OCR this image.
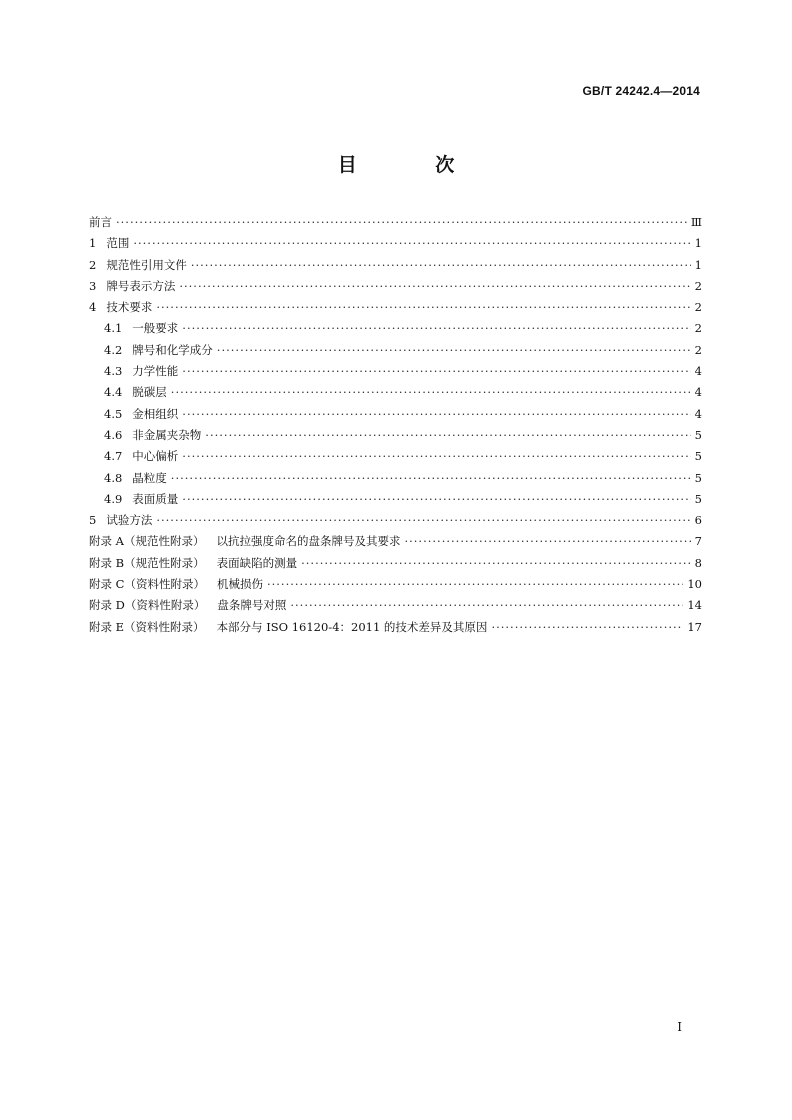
GB/T 24242.4—2014
目 次
前言 ·····	Ⅲ
1 范围 ·····	1
2 规范性引用文件 ·····	1
3 牌号表示方法 ·····	2
4 技术要求 ·····	2
4.1 一般要求 ·····	2
4.2 牌号和化学成分 ·····	2
4.3 力学性能 ·····	4
4.4 脱碳层 ·····	4
4.5 金相组织 ·····	4
4.6 非金属夹杂物 ·····	5
4.7 中心偏析 ·····	5
4.8 晶粒度 ·····	5
4.9 表面质量 ·····	5
5 试验方法 ·····	6
附录 A（规范性附录） 以抗拉强度命名的盘条牌号及其要求 ·····	7
附录 B（规范性附录） 表面缺陷的测量 ·····	8
附录 C（资料性附录） 机械损伤 ·····	10
附录 D（资料性附录） 盘条牌号对照 ·····	14
附录 E（资料性附录） 本部分与 ISO 16120-4：2011 的技术差异及其原因 ·····	17
I
